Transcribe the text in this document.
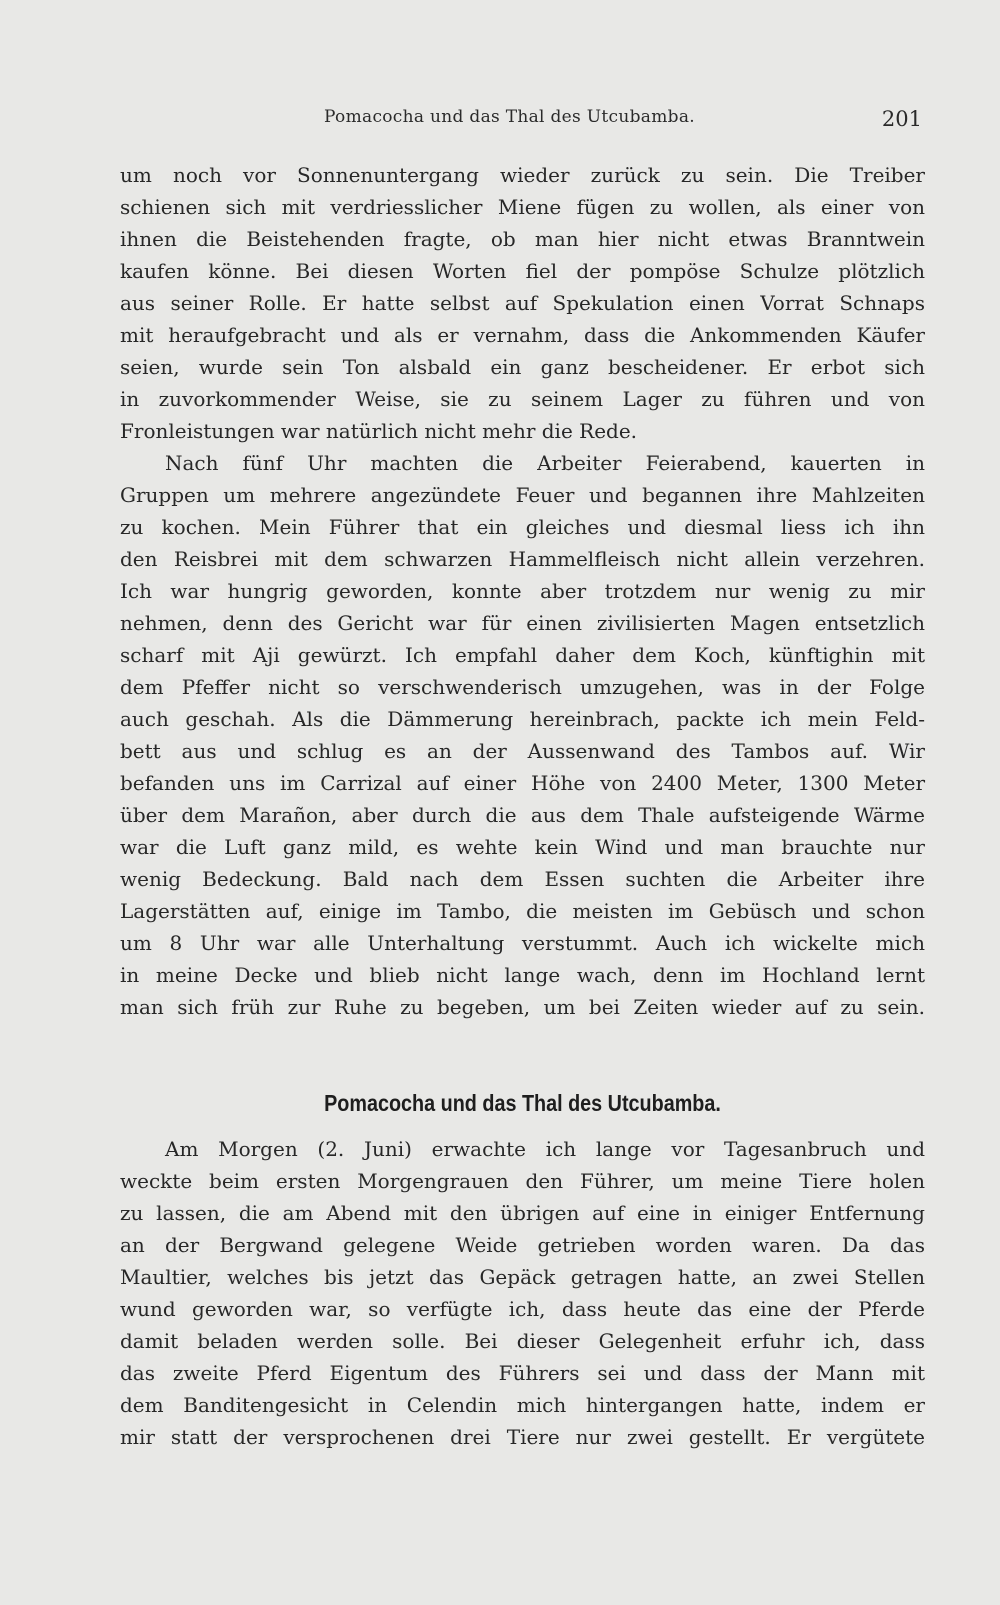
Pomacocha und das Thal des Utcubamba.	201
um noch vor Sonnenuntergang wieder zurück zu sein. Die Treiber
schienen sich mit verdriesslicher Miene fügen zu wollen, als einer von
ihnen die Beistehenden fragte, ob man hier nicht etwas Branntwein
kaufen könne. Bei diesen Worten fiel der pompöse Schulze plötzlich
aus seiner Rolle. Er hatte selbst auf Spekulation einen Vorrat Schnaps
mit heraufgebracht und als er vernahm, dass die Ankommenden Käufer
seien, wurde sein Ton alsbald ein ganz bescheidener. Er erbot sich
in zuvorkommender Weise, sie zu seinem Lager zu führen und von
Fronleistungen war natürlich nicht mehr die Rede.
Nach fünf Uhr machten die Arbeiter Feierabend, kauerten in
Gruppen um mehrere angezündete Feuer und begannen ihre Mahlzeiten
zu kochen. Mein Führer that ein gleiches und diesmal liess ich ihn
den Reisbrei mit dem schwarzen Hammelfleisch nicht allein verzehren.
Ich war hungrig geworden, konnte aber trotzdem nur wenig zu mir
nehmen, denn des Gericht war für einen zivilisierten Magen entsetzlich
scharf mit Aji gewürzt. Ich empfahl daher dem Koch, künftighin mit
dem Pfeffer nicht so verschwenderisch umzugehen, was in der Folge
auch geschah. Als die Dämmerung hereinbrach, packte ich mein Feld-
bett aus und schlug es an der Aussenwand des Tambos auf. Wir
befanden uns im Carrizal auf einer Höhe von 2400 Meter, 1300 Meter
über dem Marañon, aber durch die aus dem Thale aufsteigende Wärme
war die Luft ganz mild, es wehte kein Wind und man brauchte nur
wenig Bedeckung. Bald nach dem Essen suchten die Arbeiter ihre
Lagerstätten auf, einige im Tambo, die meisten im Gebüsch und schon
um 8 Uhr war alle Unterhaltung verstummt. Auch ich wickelte mich
in meine Decke und blieb nicht lange wach, denn im Hochland lernt
man sich früh zur Ruhe zu begeben, um bei Zeiten wieder auf zu sein.
Pomacocha und das Thal des Utcubamba.
Am Morgen (2. Juni) erwachte ich lange vor Tagesanbruch und
weckte beim ersten Morgengrauen den Führer, um meine Tiere holen
zu lassen, die am Abend mit den übrigen auf eine in einiger Entfernung
an der Bergwand gelegene Weide getrieben worden waren. Da das
Maultier, welches bis jetzt das Gepäck getragen hatte, an zwei Stellen
wund geworden war, so verfügte ich, dass heute das eine der Pferde
damit beladen werden solle. Bei dieser Gelegenheit erfuhr ich, dass
das zweite Pferd Eigentum des Führers sei und dass der Mann mit
dem Banditengesicht in Celendin mich hintergangen hatte, indem er
mir statt der versprochenen drei Tiere nur zwei gestellt. Er vergütete
